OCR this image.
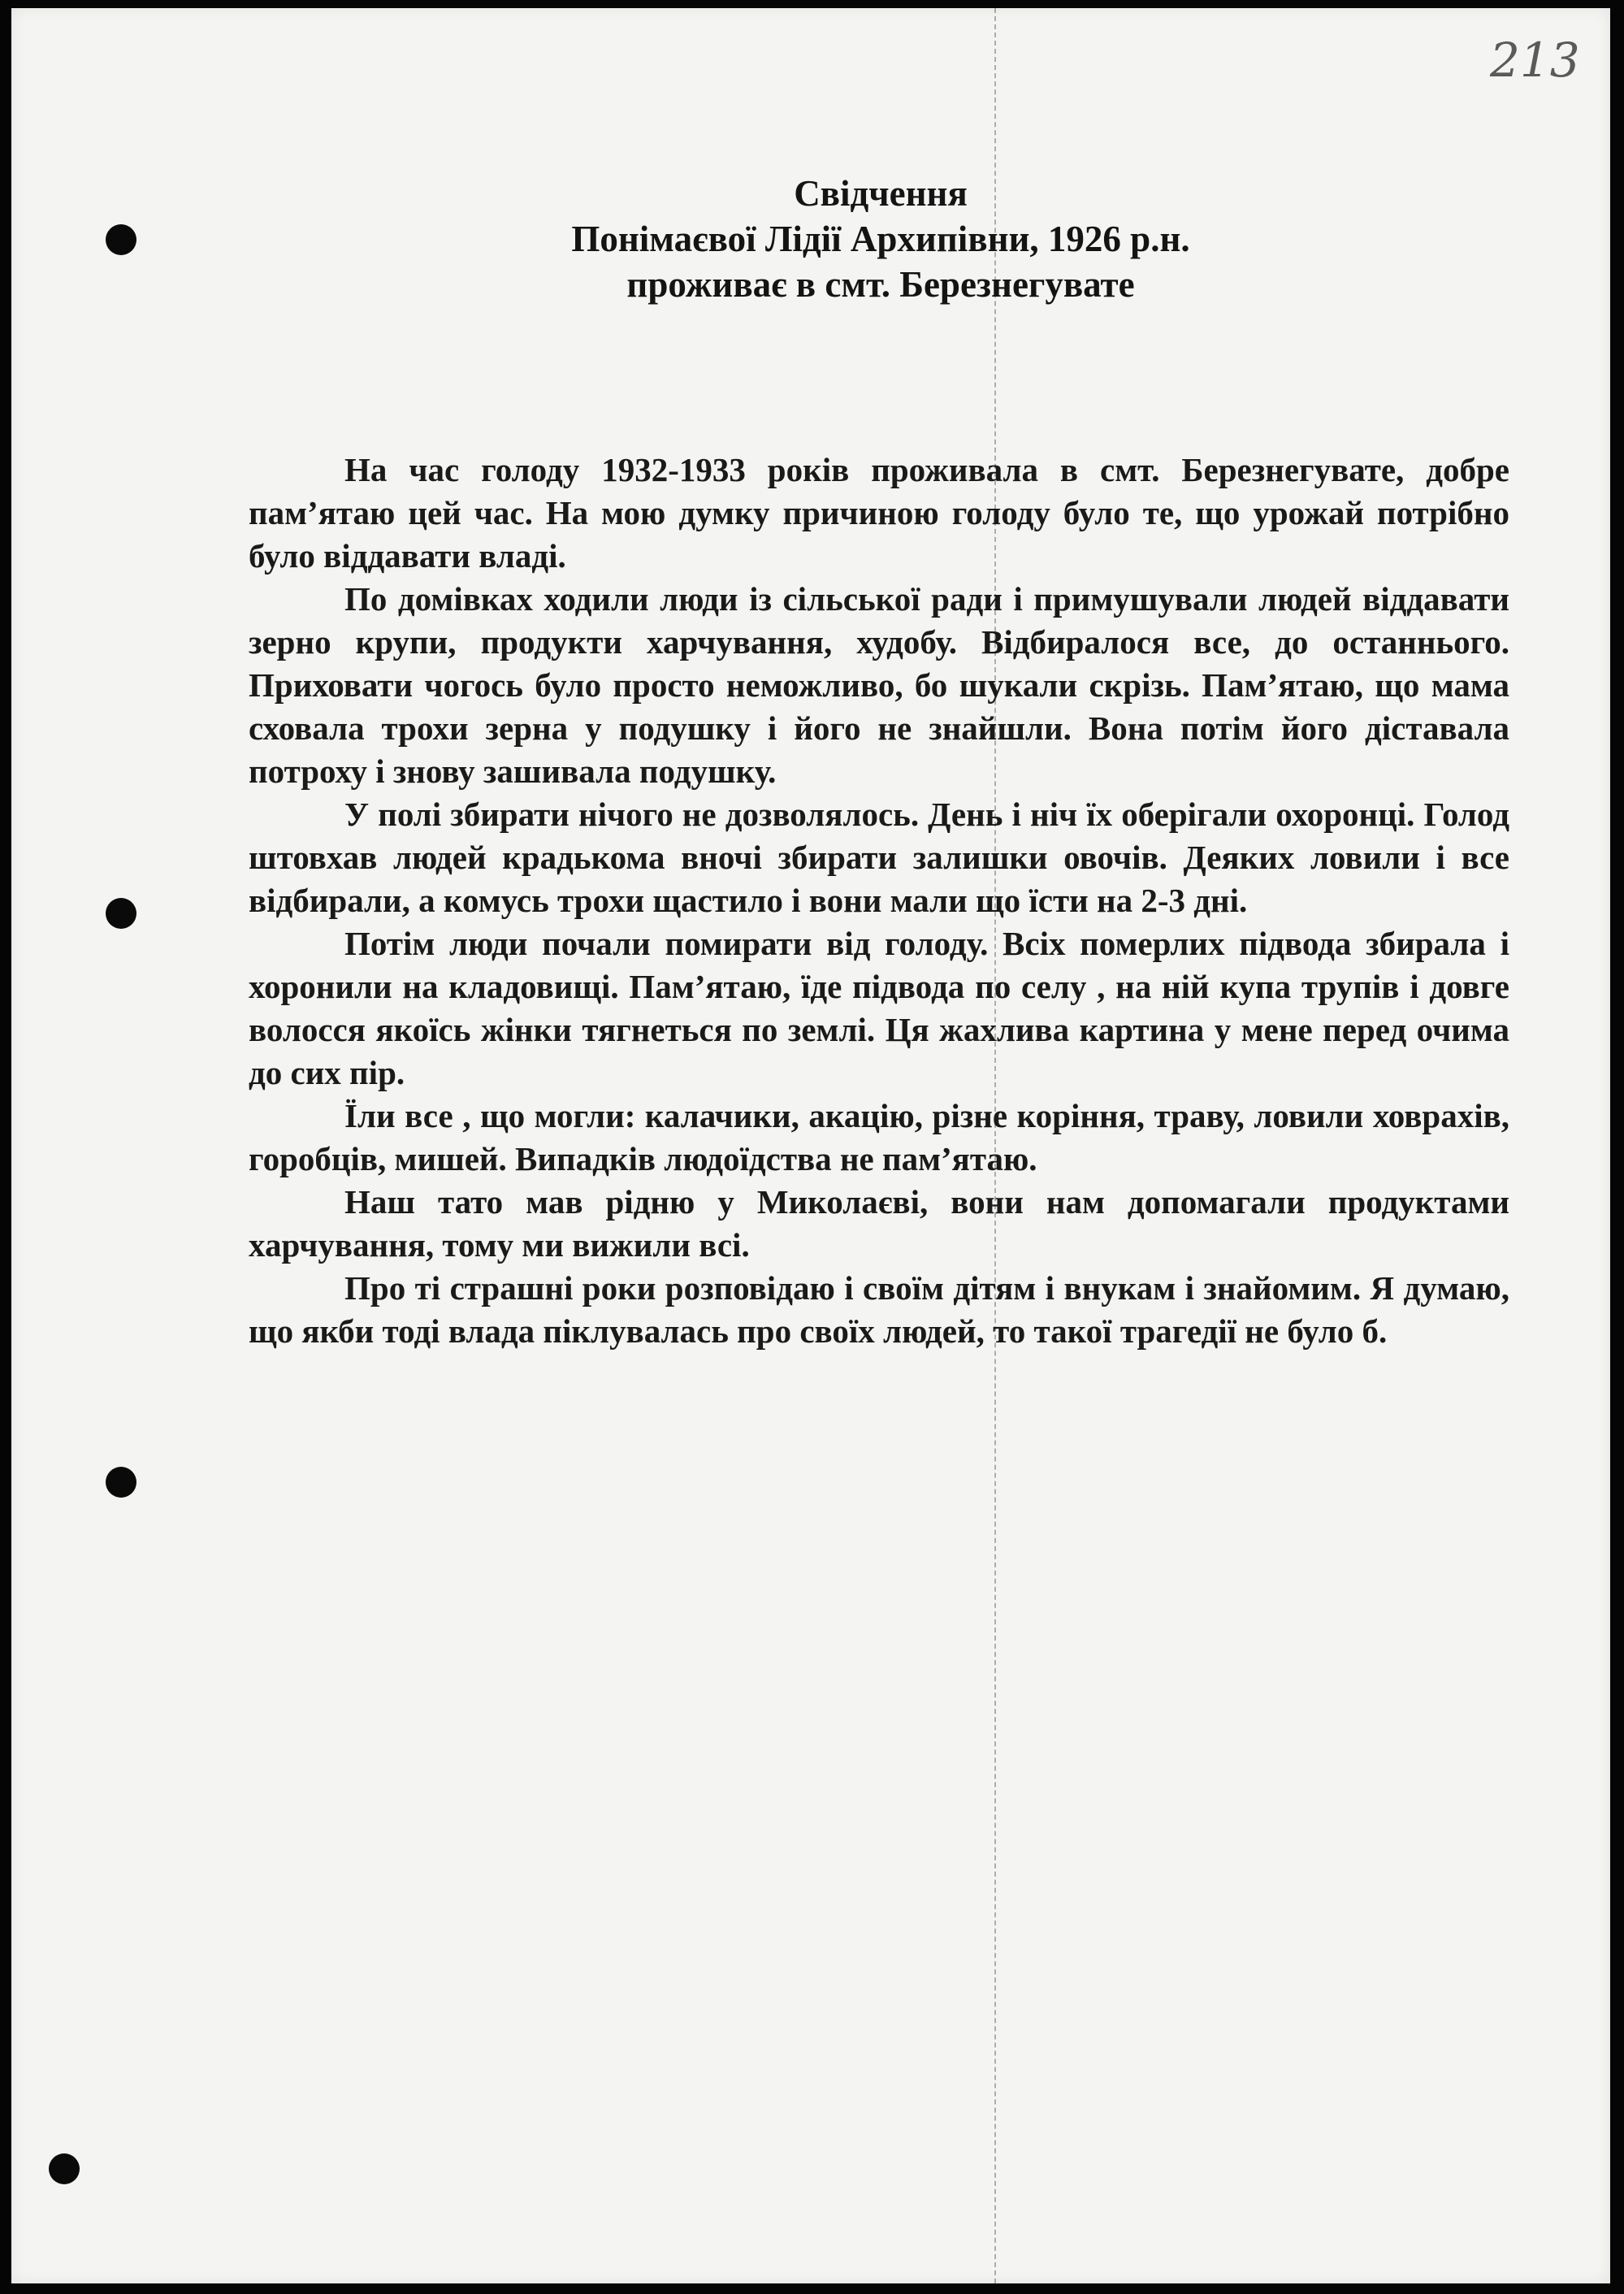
213
Свідчення
Понімаєвої Лідії Архипівни, 1926 р.н.
проживає в смт. Березнегувате

На час голоду 1932-1933 років проживала в смт. Березнегувате, добре пам’ятаю цей час. На мою думку причиною голоду було те, що урожай потрібно було віддавати владі.

По домівках ходили люди із сільської ради і примушували людей віддавати зерно крупи, продукти харчування, худобу. Відбиралося все, до останнього. Приховати чогось було просто неможливо, бо шукали скрізь. Пам’ятаю, що мама сховала трохи зерна у подушку і його не знайшли. Вона потім його діставала потроху і знову зашивала подушку.

У полі збирати нічого не дозволялось. День і ніч їх оберігали охоронці. Голод штовхав людей крадькома вночі збирати залишки овочів. Деяких ловили і все відбирали, а комусь трохи щастило і вони мали що їсти на 2-3 дні.

Потім люди почали помирати від голоду. Всіх померлих підвода збирала і хоронили на кладовищі. Пам’ятаю, їде підвода по селу , на ній купа трупів і довге волосся якоїсь жінки тягнеться по землі. Ця жахлива картина у мене перед очима до сих пір.

Їли все , що могли: калачики, акацію, різне коріння, траву, ловили ховрахів, горобців, мишей. Випадків людоїдства не пам’ятаю.

Наш тато мав рідню у Миколаєві, вони нам допомагали продуктами харчування, тому ми вижили всі.

Про ті страшні роки розповідаю і своїм дітям і внукам і знайомим. Я думаю, що якби тоді влада піклувалась про своїх людей, то такої трагедії не було б.
